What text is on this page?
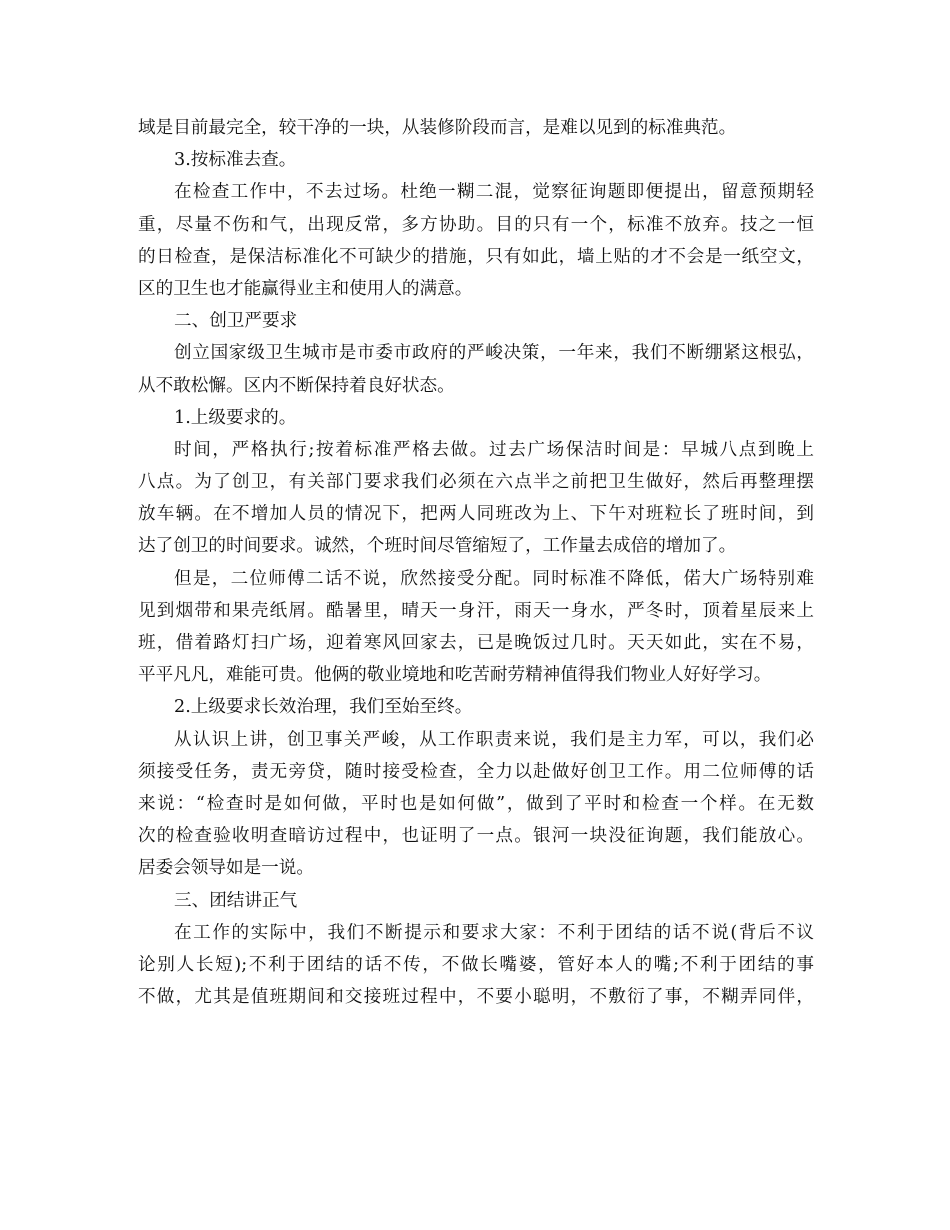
域是目前最完全，较干净的一块，从装修阶段而言，是难以见到的标准典范。
3.按标准去查。
在检查工作中，不去过场。杜绝一糊二混，觉察征询题即便提出，留意预期轻
重，尽量不伤和气，出现反常，多方协助。目的只有一个，标准不放弃。技之一恒
的日检查，是保洁标准化不可缺少的措施，只有如此，墙上贴的才不会是一纸空文，
区的卫生也才能赢得业主和使用人的满意。
二、创卫严要求
创立国家级卫生城市是市委市政府的严峻决策，一年来，我们不断绷紧这根弘，
从不敢松懈。区内不断保持着良好状态。
1.上级要求的。
时间，严格执行;按着标准严格去做。过去广场保洁时间是：早城八点到晚上
八点。为了创卫，有关部门要求我们必须在六点半之前把卫生做好，然后再整理摆
放车辆。在不增加人员的情况下，把两人同班改为上、下午对班粒长了班时间，到
达了创卫的时间要求。诚然，个班时间尽管缩短了，工作量去成倍的增加了。
但是，二位师傅二话不说，欣然接受分配。同时标准不降低，偌大广场特别难
见到烟带和果壳纸屑。酷暑里，晴天一身汗，雨天一身水，严冬时，顶着星辰来上
班，借着路灯扫广场，迎着寒风回家去，已是晚饭过几时。天天如此，实在不易，
平平凡凡，难能可贵。他俩的敬业境地和吃苦耐劳精神值得我们物业人好好学习。
2.上级要求长效治理，我们至始至终。
从认识上讲，创卫事关严峻，从工作职责来说，我们是主力军，可以，我们必
须接受任务，责无旁贷，随时接受检查，全力以赴做好创卫工作。用二位师傅的话
来说：“检查时是如何做，平时也是如何做”，做到了平时和检查一个样。在无数
次的检查验收明查暗访过程中，也证明了一点。银河一块没征询题，我们能放心。
居委会领导如是一说。
三、团结讲正气
在工作的实际中，我们不断提示和要求大家：不利于团结的话不说(背后不议
论别人长短);不利于团结的话不传，不做长嘴婆，管好本人的嘴;不利于团结的事
不做，尤其是值班期间和交接班过程中，不要小聪明，不敷衍了事，不糊弄同伴，
